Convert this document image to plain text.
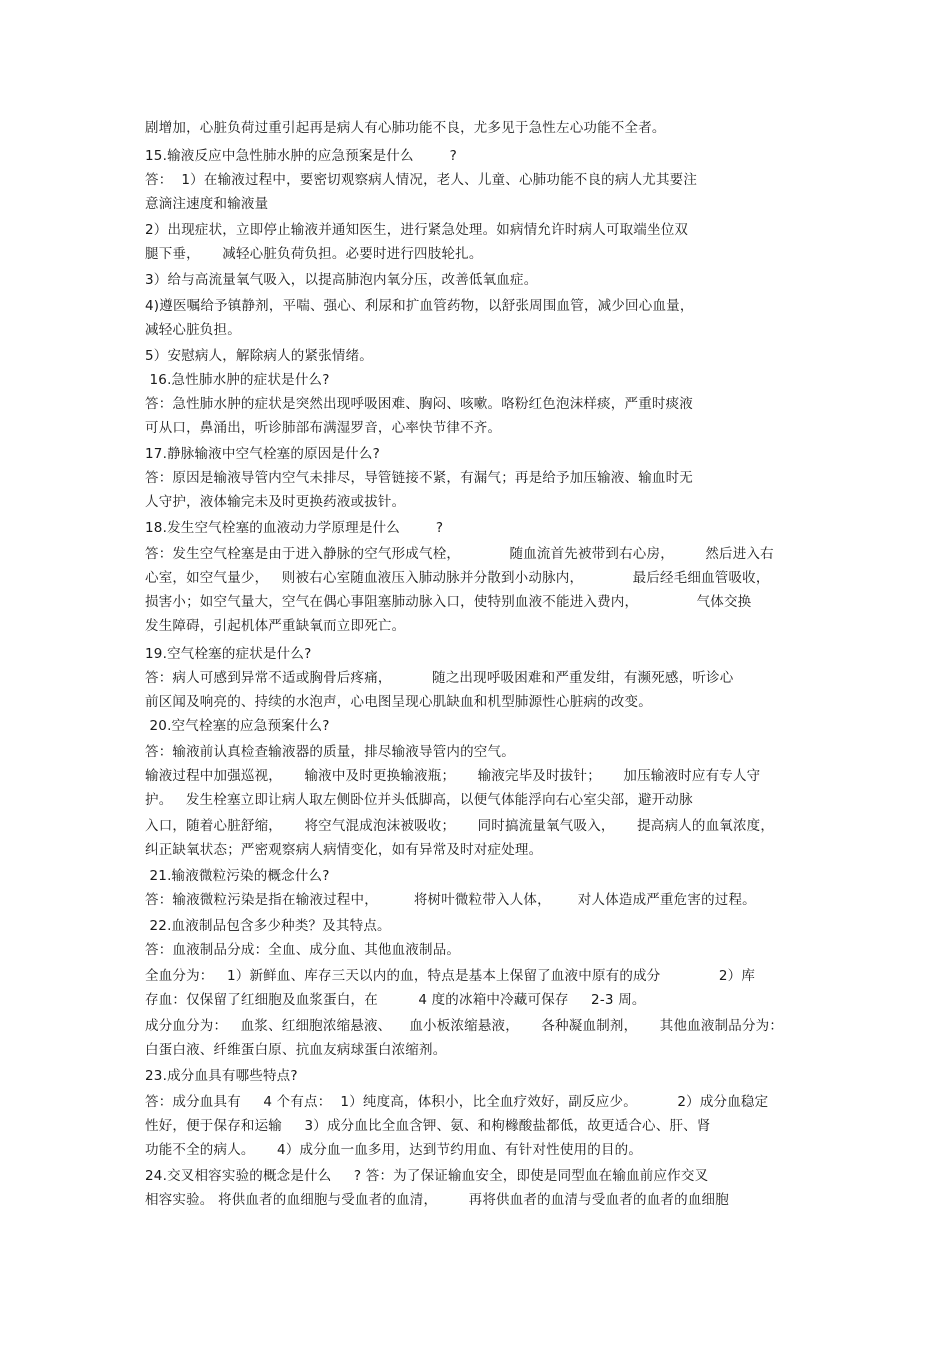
剧增加，心脏负荷过重引起再是病人有心肺功能不良，尤多见于急性左心功能不全者。
15.输液反应中急性肺水肿的应急预案是什么        ?
答：  1）在输液过程中，要密切观察病人情况，老人、儿童、心肺功能不良的病人尤其要注
意滴注速度和输液量
2）出现症状，立即停止输液并通知医生，进行紧急处理。如病情允许时病人可取端坐位双
腿下垂，     减轻心脏负荷负担。必要时进行四肢轮扎。
3）给与高流量氧气吸入，以提高肺泡内氧分压，改善低氧血症。
4)遵医嘱给予镇静剂，平喘、强心、利尿和扩血管药物，以舒张周围血管，减少回心血量，
减轻心脏负担。
5）安慰病人，解除病人的紧张情绪。
16.急性肺水肿的症状是什么?
答：急性肺水肿的症状是突然出现呼吸困难、胸闷、咳嗽。咯粉红色泡沫样痰，严重时痰液
可从口，鼻涌出，听诊肺部布满湿罗音，心率快节律不齐。
17.静脉输液中空气栓塞的原因是什么?
答：原因是输液导管内空气未排尽，导管链接不紧，有漏气；再是给予加压输液、输血时无
人守护，液体输完未及时更换药液或拔针。
18.发生空气栓塞的血液动力学原理是什么        ?
答：发生空气栓塞是由于进入静脉的空气形成气栓，           随血流首先被带到右心房，       然后进入右
心室，如空气量少，   则被右心室随血液压入肺动脉并分散到小动脉内，           最后经毛细血管吸收，
损害小；如空气量大，空气在偶心事阻塞肺动脉入口，使特别血液不能进入费内，             气体交换
发生障碍，引起机体严重缺氧而立即死亡。
19.空气栓塞的症状是什么?
答：病人可感到异常不适或胸骨后疼痛，         随之出现呼吸困难和严重发绀，有濒死感，听诊心
前区闻及响亮的、持续的水泡声，心电图呈现心肌缺血和机型肺源性心脏病的改变。
20.空气栓塞的应急预案什么?
答：输液前认真检查输液器的质量，排尽输液导管内的空气。
输液过程中加强巡视，     输液中及时更换输液瓶；     输液完毕及时拔针；     加压输液时应有专人守
护。   发生栓塞立即让病人取左侧卧位并头低脚高，以便气体能浮向右心室尖部，避开动脉
入口，随着心脏舒缩，     将空气混成泡沫被吸收；     同时搞流量氧气吸入，     提高病人的血氧浓度，
纠正缺氧状态；严密观察病人病情变化，如有异常及时对症处理。
21.输液微粒污染的概念什么?
答：输液微粒污染是指在输液过程中，        将树叶微粒带入人体，      对人体造成严重危害的过程。
22.血液制品包含多少种类？及其特点。
答：血液制品分成：全血、成分血、其他血液制品。
全血分为：   1）新鲜血、库存三天以内的血，特点是基本上保留了血液中原有的成分             2）库
存血：仅保留了红细胞及血浆蛋白，在         4 度的冰箱中冷藏可保存     2-3 周。
成分血分为：   血浆、红细胞浓缩悬液、    血小板浓缩悬液，     各种凝血制剂，     其他血液制品分为：
白蛋白液、纤维蛋白原、抗血友病球蛋白浓缩剂。
23.成分血具有哪些特点?
答：成分血具有     4 个有点：  1）纯度高，体积小，比全血疗效好，副反应少。         2）成分血稳定
性好，便于保存和运输     3）成分血比全血含钾、氨、和枸橼酸盐都低，故更适合心、肝、肾
功能不全的病人。     4）成分血一血多用，达到节约用血、有针对性使用的目的。
24.交叉相容实验的概念是什么     ? 答：为了保证输血安全，即使是同型血在输血前应作交叉
相容实验。 将供血者的血细胞与受血者的血清，       再将供血者的血清与受血者的血者的血细胞
